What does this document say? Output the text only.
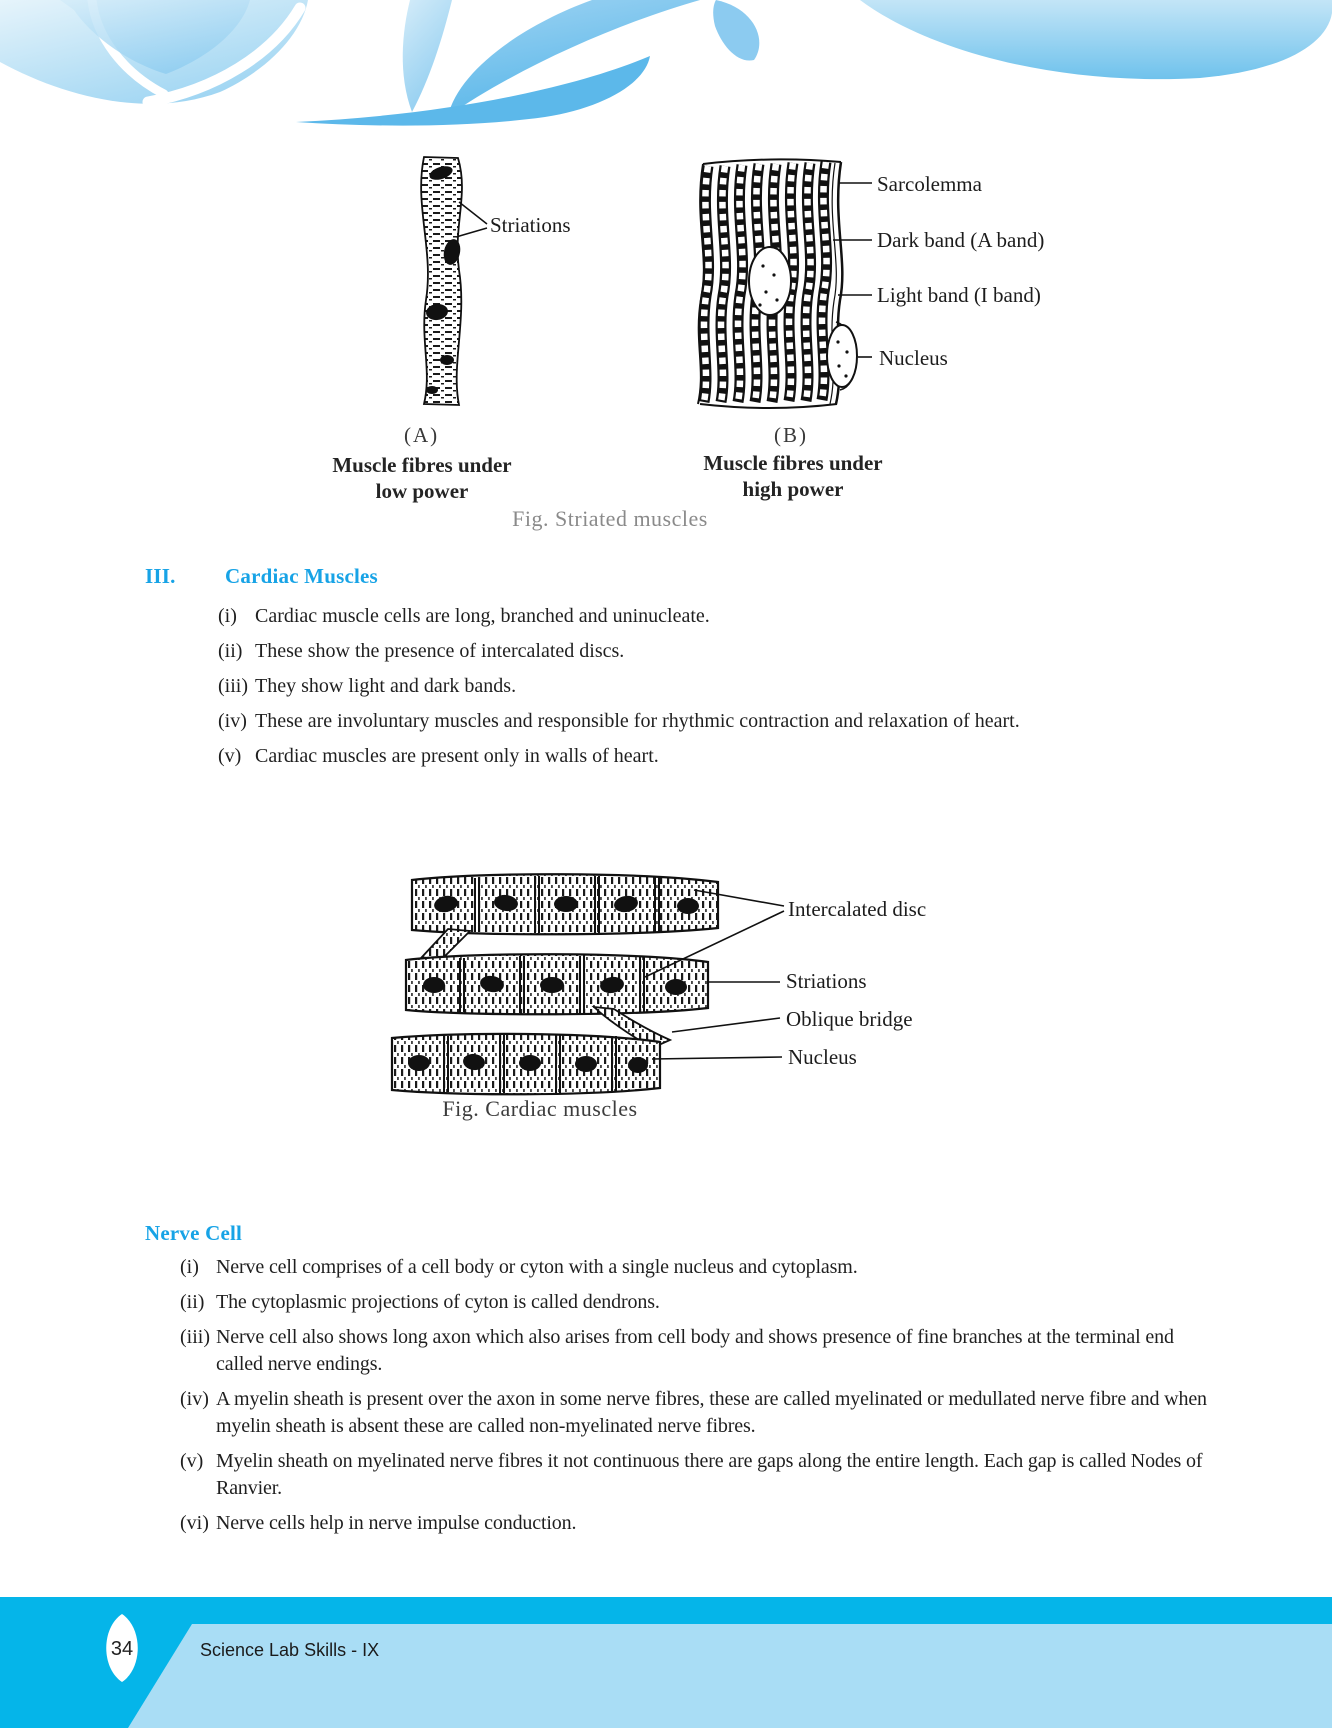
Striations
Sarcolemma
Dark band (A band)
Light band (I band)
Nucleus
(A)	(B)
Muscle fibres under
low power
Muscle fibres under
high power
Fig. Striated muscles
III. Cardiac Muscles
(i) Cardiac muscle cells are long, branched and uninucleate.
(ii) These show the presence of intercalated discs.
(iii) They show light and dark bands.
(iv) These are involuntary muscles and responsible for rhythmic contraction and relaxation of heart.
(v) Cardiac muscles are present only in walls of heart.
Intercalated disc
Striations
Oblique bridge
Nucleus
Fig. Cardiac muscles
Nerve Cell
(i) Nerve cell comprises of a cell body or cyton with a single nucleus and cytoplasm.
(ii) The cytoplasmic projections of cyton is called dendrons.
(iii) Nerve cell also shows long axon which also arises from cell body and shows presence of fine branches at the terminal end called nerve endings.
(iv) A myelin sheath is present over the axon in some nerve fibres, these are called myelinated or medullated nerve fibre and when myelin sheath is absent these are called non-myelinated nerve fibres.
(v) Myelin sheath on myelinated nerve fibres it not continuous there are gaps along the entire length. Each gap is called Nodes of Ranvier.
(vi) Nerve cells help in nerve impulse conduction.
34	Science Lab Skills - IX
